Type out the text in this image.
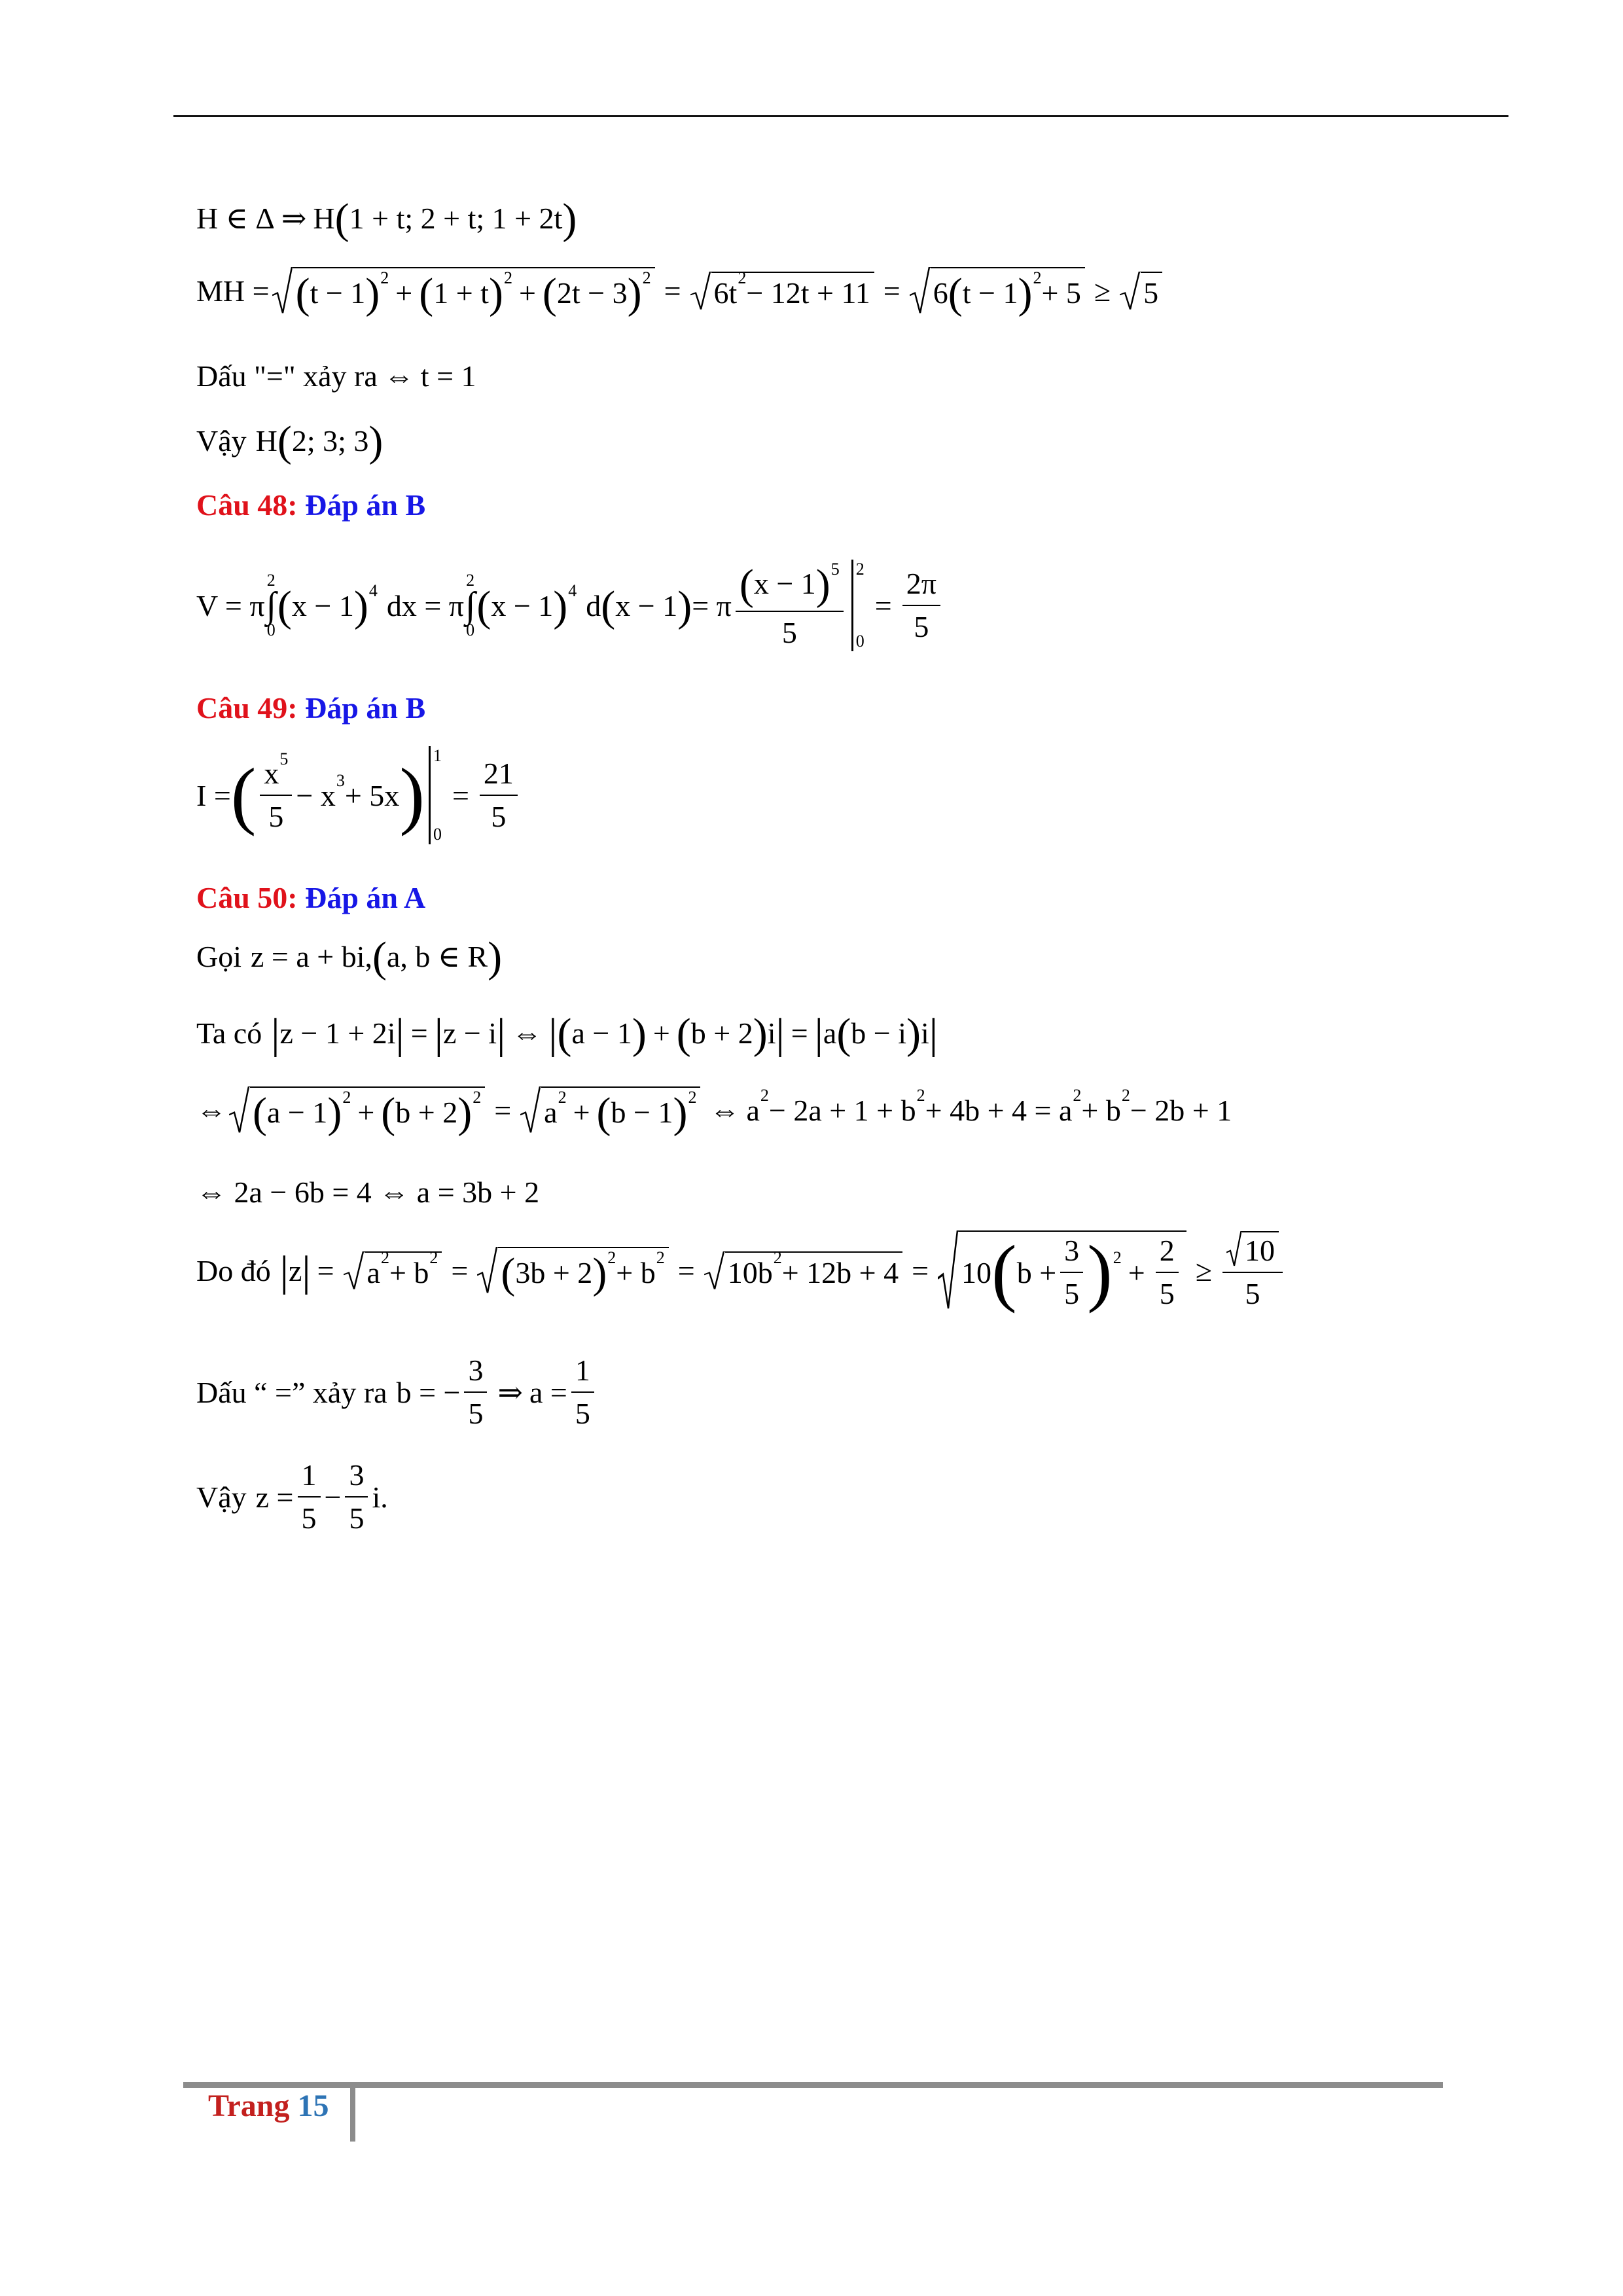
H ∈ Δ ⇒ H ( 1 + t; 2 + t; 1 + 2t )
MH = ( t − 1 ) 2 + ( 1 + t ) 2 + ( 2t − 3 ) 2 = 6t 2 − 12t + 11 = 6 ( t − 1 ) 2 + 5 ≥ 5
Dấu "=" xảy ra ⇔ t = 1
Vậy H ( 2; 3; 3 )
Câu 48: Đáp án B
V = π
2
∫
0 ( x − 1 ) 4 dx = π
2
∫
0 ( x − 1 ) 4 d ( x − 1 ) = π $\frac{( x - 1 ) 5}{5} 2$
0
= $\frac{2\pi}{5}$
Câu 49: Đáp án B
I = ( $\frac{x 5}{5} - x$ 3 + 5x ) 1
0
= $\frac{21}{5}$
Câu 50: Đáp án A
Gọi z = a + bi, ( a, b ∈ R )
Ta có | z − 1 + 2i | = | z − i | ⇔ | ( a − 1 ) + ( b + 2 ) i | = | a ( b − i ) i |
⇔ ( a − 1 ) 2 + ( b + 2 ) 2 = a 2 + ( b − 1 ) 2 ⇔ a 2 − 2a + 1 + b 2 + 4b + 4 = a 2 + b 2 − 2b + 1
⇔ 2a − 6b = 4 ⇔ a = 3b + 2
Do đó | z | = a 2 + b 2 = ( 3b + 2 ) 2 + b 2 = 10b 2 + 12b + 4 = 10 ( $b + \frac{3}{5}$ ) $2 + \frac{2}{5} \ge \frac{10}{5}$
Dấu “ =” xảy ra b = − $\frac{3}{5}$ ⇒ $a = \frac{1}{5}$
Vậy $z = \frac{1}{5} - \frac{3}{5} i$.
Trang 15
